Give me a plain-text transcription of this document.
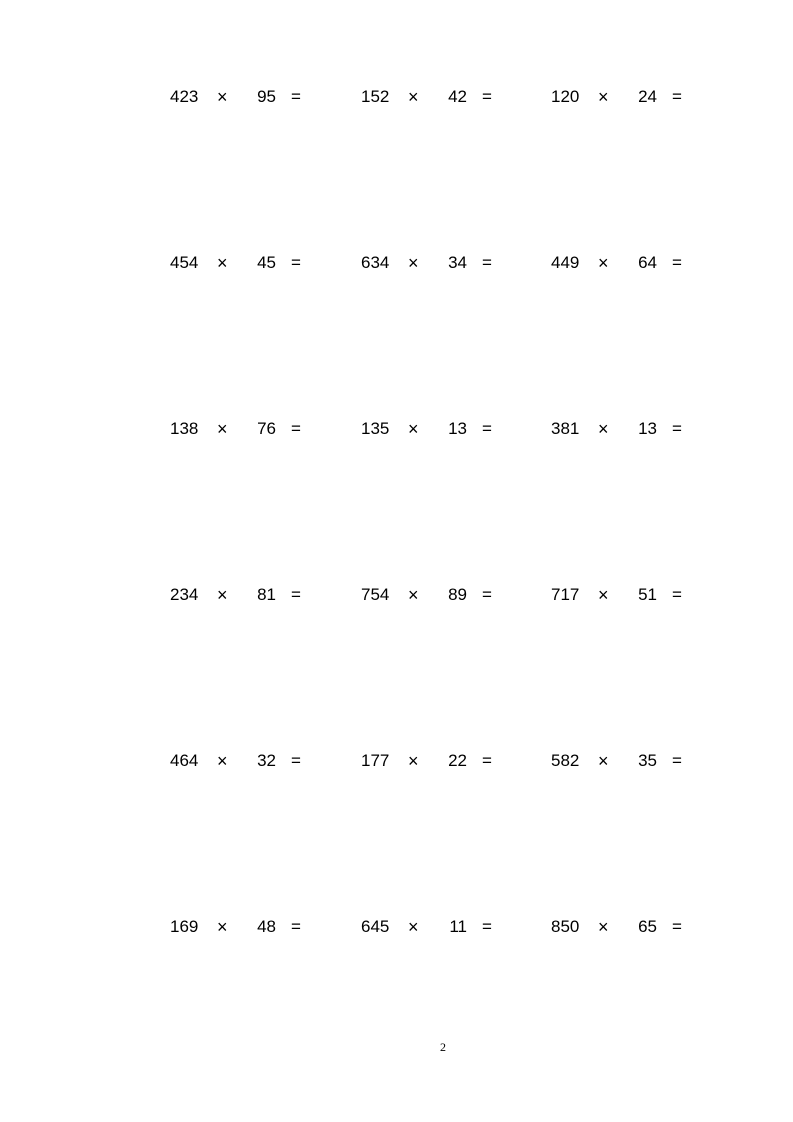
423 ×	95 =	152 ×	42 =	120 ×	24 =
454 ×	45 =	634 ×	34 =	449 ×	64 =
138 ×	76 =	135 ×	13 =	381 ×	13 =
234 ×	81 =	754 ×	89 =	717 ×	51 =
464 ×	32 =	177 ×	22 =	582 ×	35 =
169 ×	48 =	645 ×	11 =	850 ×	65 =
2
